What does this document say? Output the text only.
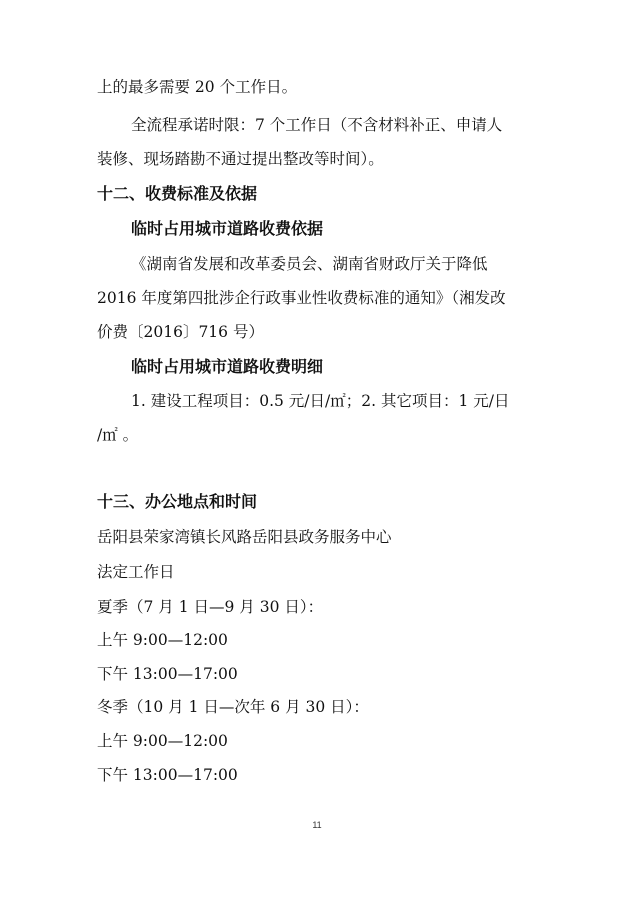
上的最多需要 20 个工作日。
全流程承诺时限：7 个工作日（不含材料补正、申请人
装修、现场踏勘不通过提出整改等时间）。
十二、收费标准及依据
临时占用城市道路收费依据
《湖南省发展和改革委员会、湖南省财政厅关于降低
2016 年度第四批涉企行政事业性收费标准的通知》（湘发改
价费〔2016〕716 号）
临时占用城市道路收费明细
1. 建设工程项目：0.5 元/日/㎡；2. 其它项目：1 元/日
/㎡ 。
十三、办公地点和时间
岳阳县荣家湾镇长风路岳阳县政务服务中心
法定工作日
夏季（7 月 1 日—9 月 30 日）：
上午 9:00—12:00
下午 13:00—17:00
冬季（10 月 1 日—次年 6 月 30 日）：
上午 9:00—12:00
下午 13:00—17:00
11
